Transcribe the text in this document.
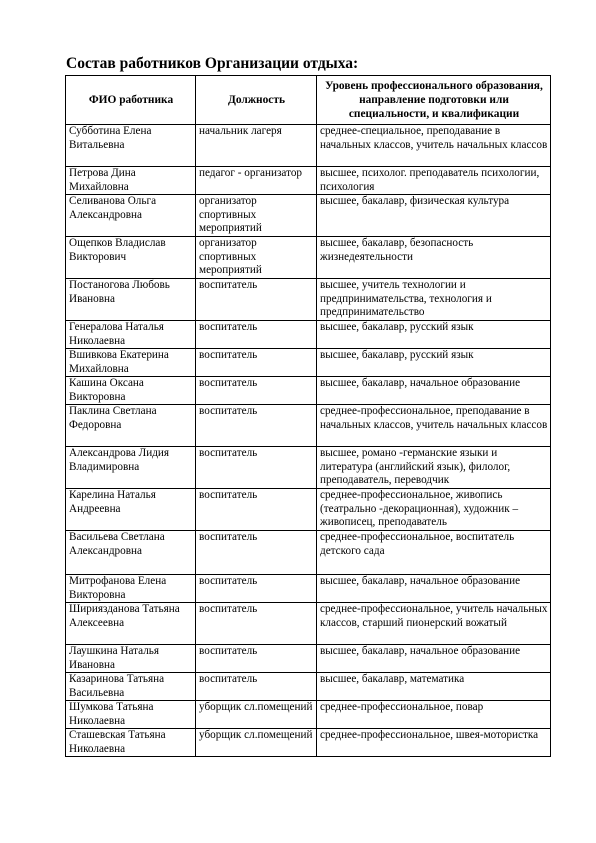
Состав работников Организации отдыха:
ФИО работника	Должность	Уровень профессионального образования, направление подготовки или специальности, и квалификации
Субботина Елена Витальевна	начальник лагеря	среднее-специальное, преподавание в начальных классов, учитель начальных классов
Петрова Дина Михайловна	педагог - организатор	высшее, психолог. преподаватель психологии, психология
Селиванова Ольга Александровна	организатор спортивных мероприятий	высшее, бакалавр, физическая культура
Ощепков Владислав Викторович	организатор спортивных мероприятий	высшее, бакалавр, безопасность жизнедеятельности
Постаногова Любовь Ивановна	воспитатель	высшее, учитель технологии и предпринимательства, технология и предпринимательство
Генералова Наталья Николаевна	воспитатель	высшее, бакалавр, русский язык
Вшивкова Екатерина Михайловна	воспитатель	высшее, бакалавр, русский язык
Кашина Оксана Викторовна	воспитатель	высшее, бакалавр, начальное образование
Паклина Светлана Федоровна	воспитатель	среднее-профессиональное, преподавание в начальных классов, учитель начальных классов
Александрова Лидия Владимировна	воспитатель	высшее, романо -германские языки и литература (английский язык), филолог, преподаватель, переводчик
Карелина Наталья Андреевна	воспитатель	среднее-профессиональное, живопись (театрально -декорационная), художник – живописец, преподаватель
Васильева Светлана Александровна	воспитатель	среднее-профессиональное, воспитатель детского сада
Митрофанова Елена Викторовна	воспитатель	высшее, бакалавр, начальное образование
Шириязданова Татьяна Алексеевна	воспитатель	среднее-профессиональное, учитель начальных классов, старший пионерский вожатый
Лаушкина Наталья Ивановна	воспитатель	высшее, бакалавр, начальное образование
Казаринова Татьяна Васильевна	воспитатель	высшее, бакалавр, математика
Шумкова Татьяна Николаевна	уборщик сл.помещений	среднее-профессиональное, повар
Сташевская Татьяна Николаевна	уборщик сл.помещений	среднее-профессиональное, швея-мотористка
